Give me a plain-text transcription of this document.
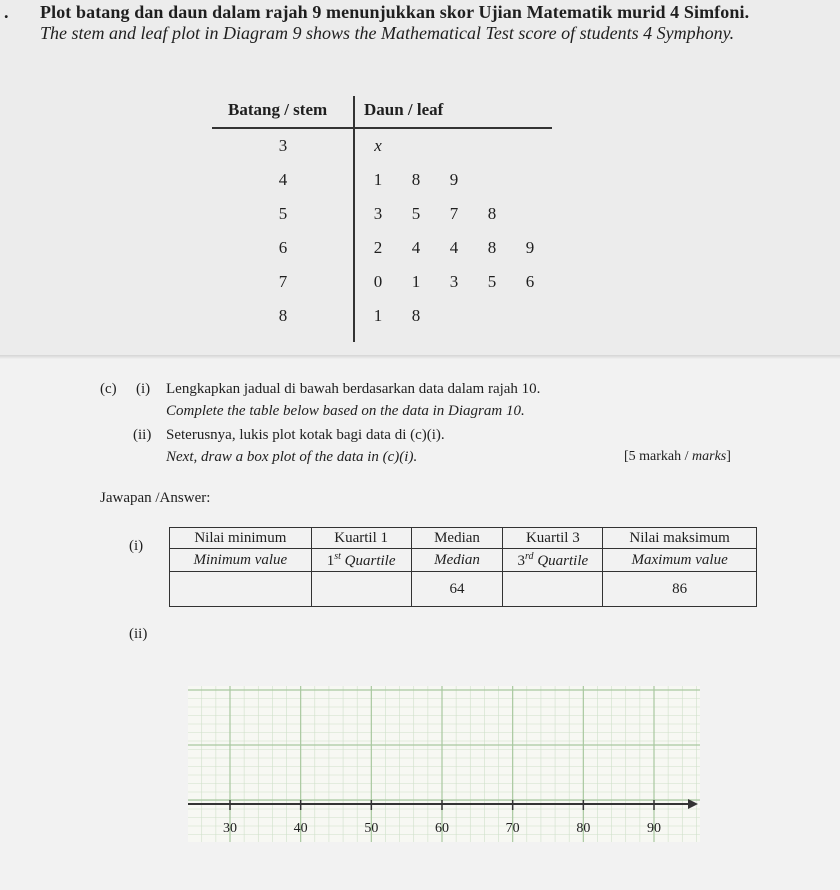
. Plot batang dan daun dalam rajah 9 menunjukkan skor Ujian Matematik murid 4 Simfoni.
The stem and leaf plot in Diagram 9 shows the Mathematical Test score of students 4 Symphony.
Batang / stem Daun / leaf
3	x
4	1	8	9
5	3	5	7	8
6	2	4	4	8	9
7	0	1	3	5	6
8	1	8
(c) (i) Lengkapkan jadual di bawah berdasarkan data dalam rajah 10.
Complete the table below based on the data in Diagram 10.
(ii) Seterusnya, lukis plot kotak bagi data di (c)(i).
Next, draw a box plot of the data in (c)(i).	[5 markah / marks]
Jawapan /Answer:
(i)
Nilai minimum	Kuartil 1	Median	Kuartil 3	Nilai maksimum
Minimum value	1st Quartile	Median	3rd Quartile	Maximum value
		64		86
(ii)
30	40	50	60	70	80	90
